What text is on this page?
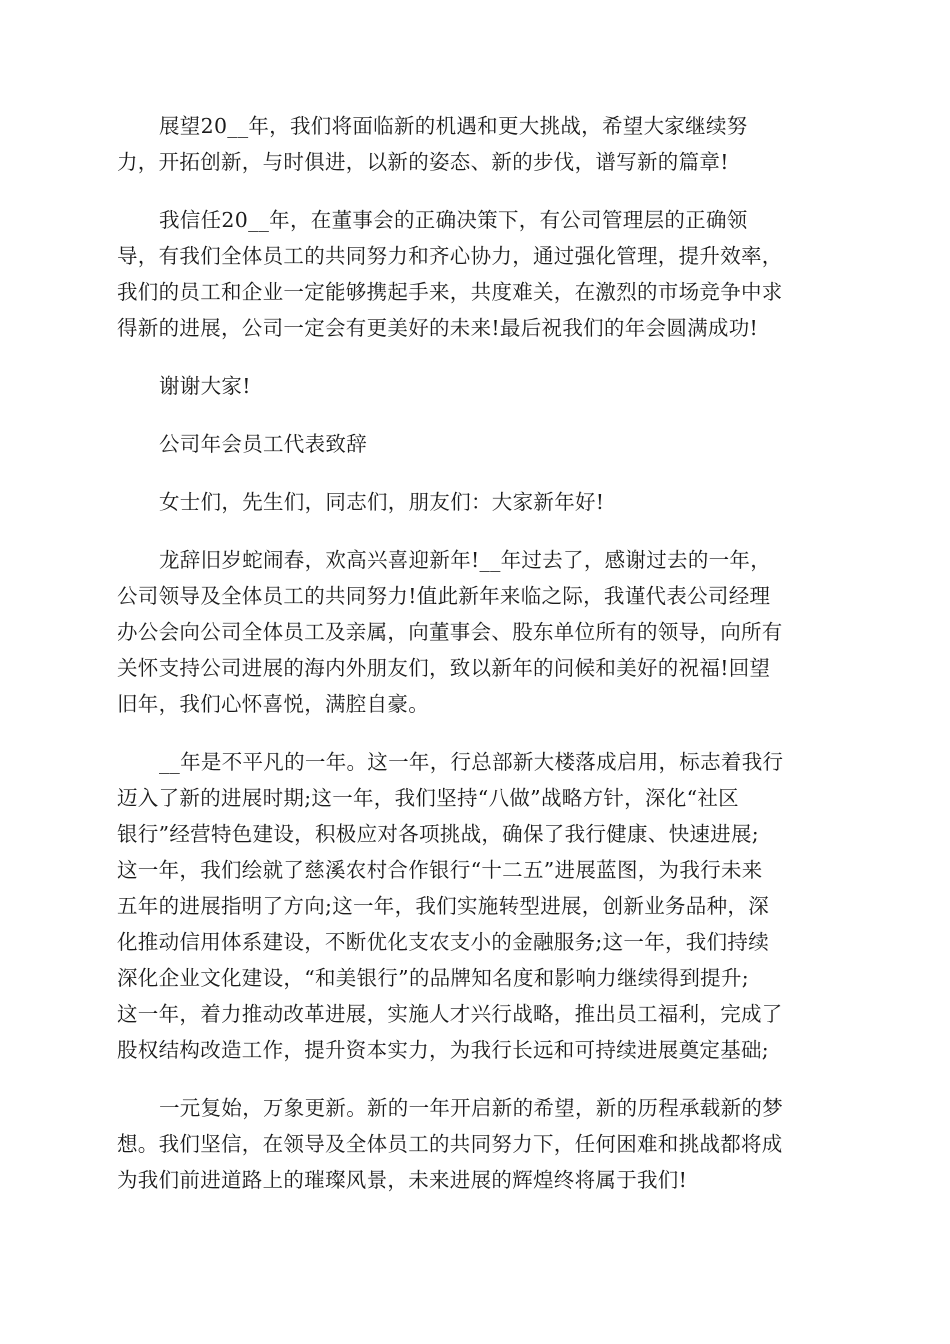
展望20__年，我们将面临新的机遇和更大挑战，希望大家继续努
力，开拓创新，与时俱进，以新的姿态、新的步伐，谱写新的篇章!
我信任20__年，在董事会的正确决策下，有公司管理层的正确领
导，有我们全体员工的共同努力和齐心协力，通过强化管理，提升效率，
我们的员工和企业一定能够携起手来，共度难关，在激烈的市场竞争中求
得新的进展，公司一定会有更美好的未来!最后祝我们的年会圆满成功!
谢谢大家!
公司年会员工代表致辞
女士们，先生们，同志们，朋友们：大家新年好!
龙辞旧岁蛇闹春，欢高兴喜迎新年!__年过去了，感谢过去的一年，
公司领导及全体员工的共同努力!值此新年来临之际，我谨代表公司经理
办公会向公司全体员工及亲属，向董事会、股东单位所有的领导，向所有
关怀支持公司进展的海内外朋友们，致以新年的问候和美好的祝福!回望
旧年，我们心怀喜悦，满腔自豪。
__年是不平凡的一年。这一年，行总部新大楼落成启用，标志着我行
迈入了新的进展时期;这一年，我们坚持“八做”战略方针，深化“社区
银行”经营特色建设，积极应对各项挑战，确保了我行健康、快速进展;
这一年，我们绘就了慈溪农村合作银行“十二五”进展蓝图，为我行未来
五年的进展指明了方向;这一年，我们实施转型进展，创新业务品种，深
化推动信用体系建设，不断优化支农支小的金融服务;这一年，我们持续
深化企业文化建设，“和美银行”的品牌知名度和影响力继续得到提升;
这一年，着力推动改革进展，实施人才兴行战略，推出员工福利，完成了
股权结构改造工作，提升资本实力，为我行长远和可持续进展奠定基础;
一元复始，万象更新。新的一年开启新的希望，新的历程承载新的梦
想。我们坚信，在领导及全体员工的共同努力下，任何困难和挑战都将成
为我们前进道路上的璀璨风景，未来进展的辉煌终将属于我们!
